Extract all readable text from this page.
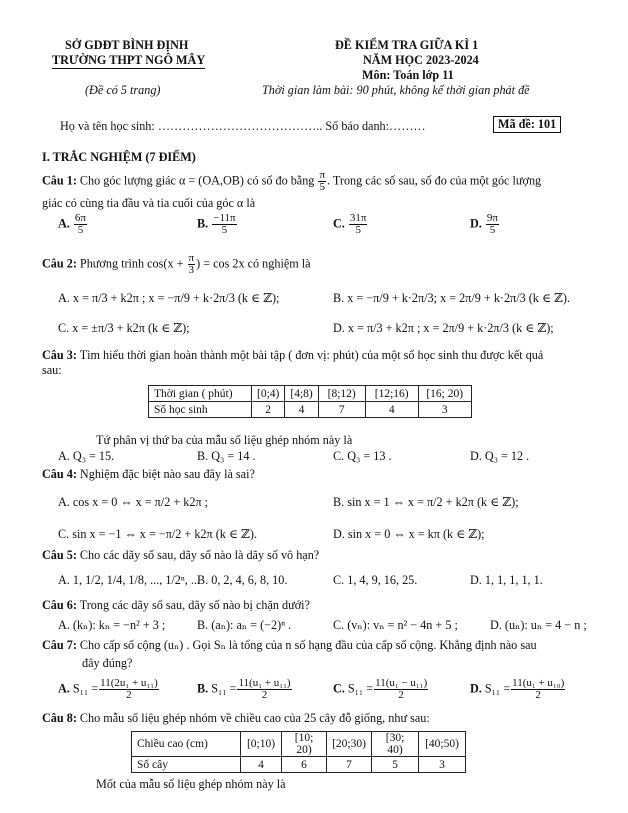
SỞ GDĐT BÌNH ĐỊNH
TRƯỜNG THPT NGÔ MÂY
(Đề có 5 trang)
ĐỀ KIỂM TRA GIỮA KÌ 1
NĂM HỌC 2023-2024
Môn: Toán lớp 11
Thời gian làm bài: 90 phút, không kể thời gian phát đề
Họ và tên học sinh: ………………………………….. Số báo danh:………	Mã đề: 101
I. TRẮC NGHIỆM (7 ĐIỂM)
Câu 1: Cho góc lượng giác α = (OA,OB) có số đo bằng $\frac{\pi}{5}$ . Trong các số sau, số đo của một góc lượng
giác có cùng tia đầu và tia cuối của góc α là
A. $\frac{6\pi}{5}$	B. $\frac{-11\pi}{5}$	C. $\frac{31\pi}{5}$	D. $\frac{9\pi}{5}$
Câu 2: Phương trình $\cos(x + \frac{\pi}{3}$ ) = cos 2x có nghiệm là
A. x = π/3 + k2π ; x = −π/9 + k·2π/3 (k ∈ ℤ);	B. x = −π/9 + k·2π/3; x = 2π/9 + k·2π/3 (k ∈ ℤ).
C. x = ±π/3 + k2π (k ∈ ℤ);	D. x = π/3 + k2π ; x = 2π/9 + k·2π/3 (k ∈ ℤ);
Câu 3: Tìm hiểu thời gian hoàn thành một bài tập ( đơn vị: phút) của một số học sinh thu được kết quả
sau:
Thời gian ( phút)	[0;4)	[4;8)	[8;12)	[12;16)	[16; 20)
Số học sinh	2	4	7	4	3
Tứ phân vị thứ ba của mẫu số liệu ghép nhóm này là
A. Q₃ = 15.	B. Q₃ = 14 .	C. Q₃ = 13 .	D. Q₃ = 12 .
Câu 4: Nghiệm đặc biệt nào sau đây là sai?
A. cos x = 0 ⇔ x = π/2 + k2π ;	B. sin x = 1 ⇔ x = π/2 + k2π (k ∈ ℤ);
C. sin x = −1 ⇔ x = −π/2 + k2π (k ∈ ℤ).	D. sin x = 0 ⇔ x = kπ (k ∈ ℤ);
Câu 5: Cho các dãy số sau, dãy số nào là dãy số vô hạn?
A. 1, 1/2, 1/4, 1/8, ..., 1/2ⁿ, ...
B. 0, 2, 4, 6, 8, 10.	C. 1, 4, 9, 16, 25.	D. 1, 1, 1, 1, 1.
Câu 6: Trong các dãy số sau, dãy số nào bị chặn dưới?
A. (kₙ): kₙ = −n² + 3 ;	B. (aₙ): aₙ = (−2)ⁿ .	C. (vₙ): vₙ = n² − 4n + 5 ;	D. (uₙ): uₙ = 4 − n ;
Câu 7: Cho cấp số cộng (uₙ) . Gọi Sₙ là tổng của n số hạng đầu của cấp số cộng. Khẳng định nào sau
đây đúng?
A. $S_{11} = \frac{\text{11(2u₁ + u₁₁)}}{2}$	B. $S_{11} = \frac{\text{11(u₁ + u₁₁)}}{2}$	C. $S_{11} = \frac{\text{11(u₁ − u₁₁)}}{2}$	D. $S_{11} = \frac{\text{11(u₁ + u₁₀)}}{2}$
Câu 8: Cho mẫu số liệu ghép nhóm về chiều cao của 25 cây đỗ giống, như sau:
Chiều cao (cm)	[0;10)	[10; 20)	[20;30)	[30; 40)	[40;50)
Số cây	4	6	7	5	3
Mốt của mẫu số liệu ghép nhóm này là
